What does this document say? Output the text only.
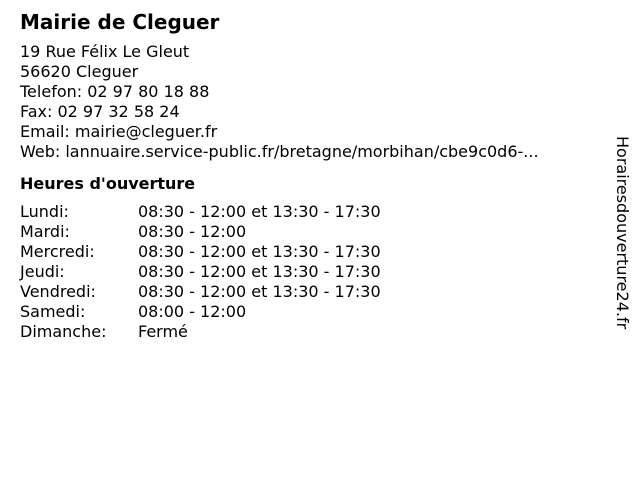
Mairie de Cleguer
19 Rue Félix Le Gleut
56620 Cleguer
Telefon: 02 97 80 18 88
Fax: 02 97 32 58 24
Email: mairie@cleguer.fr
Web: lannuaire.service-public.fr/bretagne/morbihan/cbe9c0d6-...
Heures d'ouverture
Lundi:	08:30 - 12:00 et 13:30 - 17:30
Mardi:	08:30 - 12:00
Mercredi:	08:30 - 12:00 et 13:30 - 17:30
Jeudi:	08:30 - 12:00 et 13:30 - 17:30
Vendredi:	08:30 - 12:00 et 13:30 - 17:30
Samedi:	08:00 - 12:00
Dimanche:	Fermé
Horairesdouverture24.fr
